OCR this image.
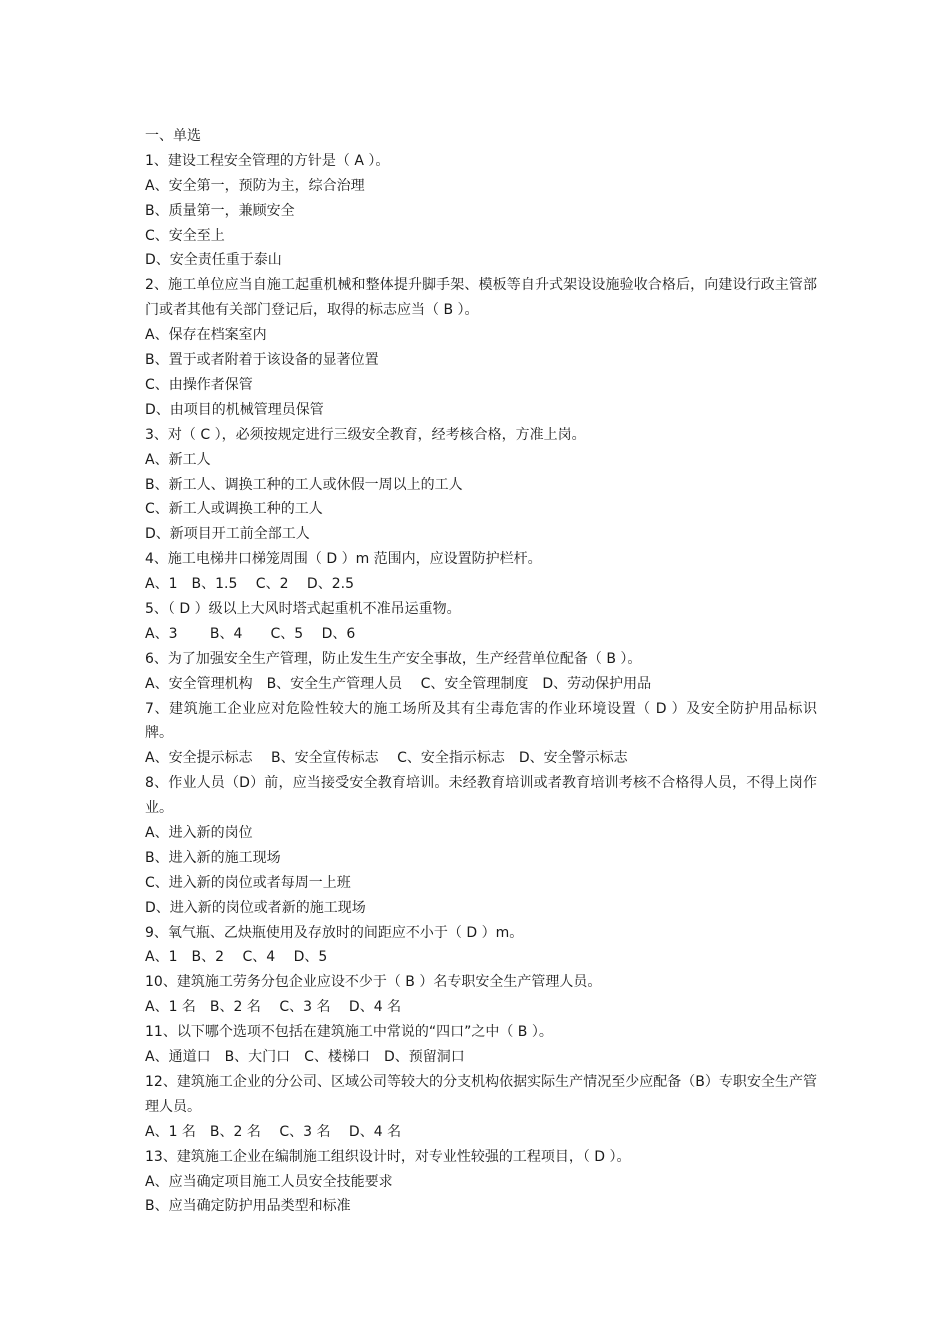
一、单选
1、建设工程安全管理的方针是（ A ）。
A、安全第一，预防为主，综合治理
B、质量第一，兼顾安全
C、安全至上
D、安全责任重于泰山
2、施工单位应当自施工起重机械和整体提升脚手架、模板等自升式架设设施验收合格后，向建设行政主管部门或者其他有关部门登记后，取得的标志应当（ B ）。
A、保存在档案室内
B、置于或者附着于该设备的显著位置
C、由操作者保管
D、由项目的机械管理员保管
3、对（ C ），必须按规定进行三级安全教育，经考核合格，方准上岗。
A、新工人
B、新工人、调换工种的工人或休假一周以上的工人
C、新工人或调换工种的工人
D、新项目开工前全部工人
4、施工电梯井口梯笼周围（ D ）m 范围内，应设置防护栏杆。
A、1　B、1.5　 C、2　 D、2.5
5、（ D ）级以上大风时塔式起重机不准吊运重物。
A、3　　 B、4　　C、5　 D、6
6、为了加强安全生产管理，防止发生生产安全事故，生产经营单位配备（ B ）。
A、安全管理机构　B、安全生产管理人员　 C、安全管理制度　D、劳动保护用品
7、建筑施工企业应对危险性较大的施工场所及其有尘毒危害的作业环境设置（ D ）及安全防护用品标识牌。
A、安全提示标志　 B、安全宣传标志　 C、安全指示标志　D、安全警示标志
8、作业人员（D）前，应当接受安全教育培训。未经教育培训或者教育培训考核不合格得人员，不得上岗作业。
A、进入新的岗位
B、进入新的施工现场
C、进入新的岗位或者每周一上班
D、进入新的岗位或者新的施工现场
9、氧气瓶、乙炔瓶使用及存放时的间距应不小于（ D ）m。
A、1　B、2　 C、4　 D、5
10、建筑施工劳务分包企业应设不少于（ B ）名专职安全生产管理人员。
A、1 名　B、2 名　 C、3 名　 D、4 名
11、以下哪个选项不包括在建筑施工中常说的“四口”之中（ B ）。
A、通道口　B、大门口　C、楼梯口　D、预留洞口
12、建筑施工企业的分公司、区域公司等较大的分支机构依据实际生产情况至少应配备（B）专职安全生产管理人员。
A、1 名　B、2 名　 C、3 名　 D、4 名
13、建筑施工企业在编制施工组织设计时，对专业性较强的工程项目，（ D ）。
A、应当确定项目施工人员安全技能要求
B、应当确定防护用品类型和标准
